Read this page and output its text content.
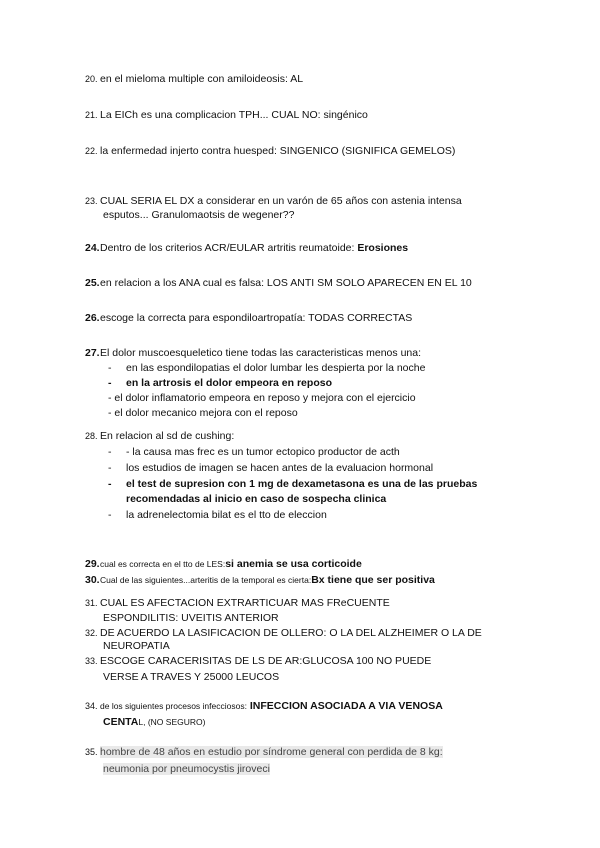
20. en el mieloma multiple con amiloideosis: AL
21. La EICh es una complicacion TPH... CUAL NO: singénico
22. la enfermedad injerto contra huesped: SINGENICO (SIGNIFICA GEMELOS)
23. CUAL SERIA EL DX a considerar en un varón de 65 años con astenia intensa
esputos... Granulomaotsis de wegener??
24.Dentro de los criterios ACR/EULAR artritis reumatoide: Erosiones
25.en relacion a los ANA cual es falsa: LOS ANTI SM SOLO APARECEN EN EL 10
26.escoge la correcta para espondiloartropatía: TODAS CORRECTAS
27.El dolor muscoesqueletico tiene todas las caracteristicas menos una:
- en las espondilopatias el dolor lumbar les despierta por la noche
- en la artrosis el dolor empeora en reposo
- el dolor inflamatorio empeora en reposo y mejora con el ejercicio
- el dolor mecanico mejora con el reposo
28. En relacion al sd de cushing:
- - la causa mas frec es un tumor ectopico productor de acth
- los estudios de imagen se hacen antes de la evaluacion hormonal
- el test de supresion con 1 mg de dexametasona es una de las pruebas
recomendadas al inicio en caso de sospecha clinica
- la adrenelectomia bilat es el tto de eleccion
29.cual es correcta en el tto de LES:si anemia se usa corticoide
30.Cual de las siguientes...arteritis de la temporal es cierta:Bx tiene que ser positiva
31. CUAL ES AFECTACION EXTRARTICUAR MAS FReCUENTE
ESPONDILITIS: UVEITIS ANTERIOR
32. DE ACUERDO LA LASIFICACION DE OLLERO: O LA DEL ALZHEIMER O LA DE
NEUROPATIA
33. ESCOGE CARACERISITAS DE LS DE AR:GLUCOSA 100 NO PUEDE
VERSE A TRAVES Y 25000 LEUCOS
34. de los siguientes procesos infecciosos: INFECCION ASOCIADA A VIA VENOSA
CENTAL, (NO SEGURO)
35. hombre de 48 años en estudio por síndrome general con perdida de 8 kg:
neumonia por pneumocystis jiroveci
